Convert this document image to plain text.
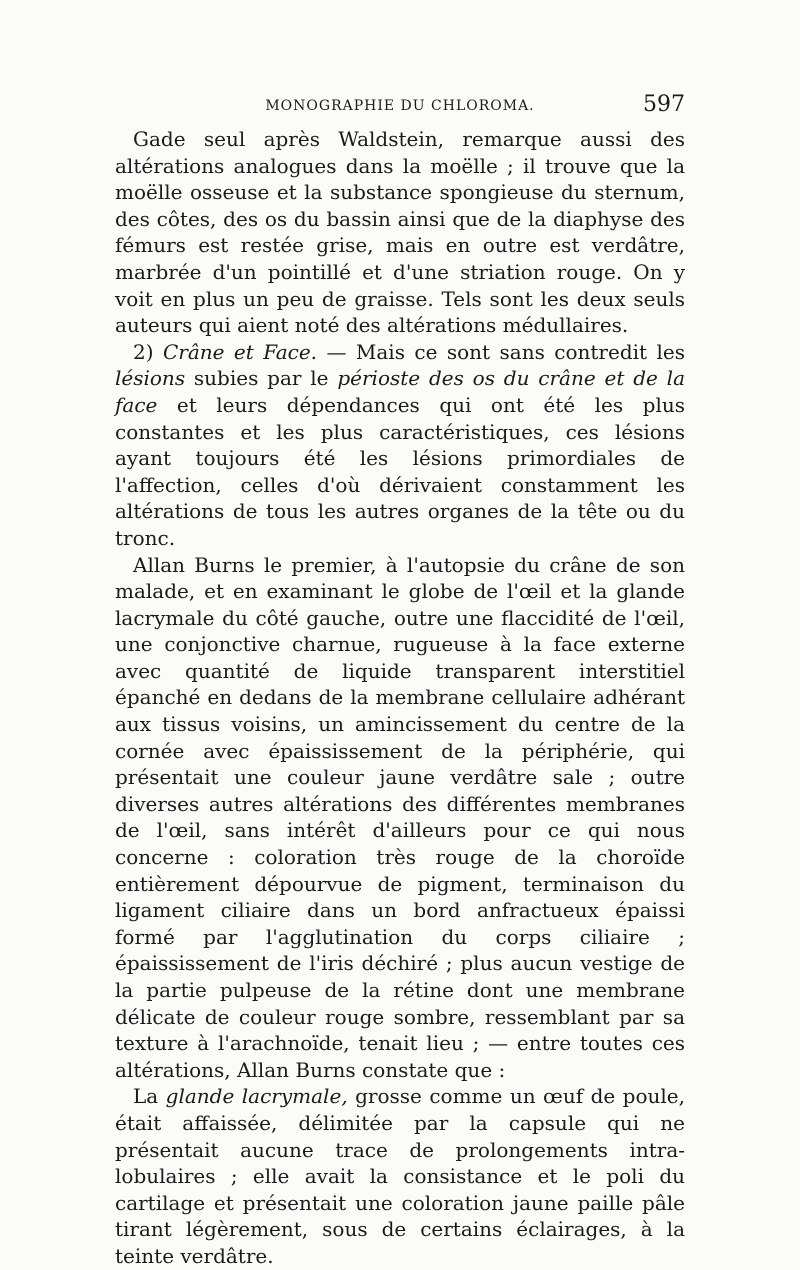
MONOGRAPHIE DU CHLOROMA.	597

Gade seul après Waldstein, remarque aussi des altérations analogues dans la moëlle ; il trouve que la moëlle osseuse et la substance spongieuse du sternum, des côtes, des os du bassin ainsi que de la diaphyse des fémurs est restée grise, mais en outre est verdâtre, marbrée d'un pointillé et d'une striation rouge. On y voit en plus un peu de graisse. Tels sont les deux seuls auteurs qui aient noté des altérations médullaires.

2) Crâne et Face. — Mais ce sont sans contredit les lésions subies par le périoste des os du crâne et de la face et leurs dépendances qui ont été les plus constantes et les plus caractéristiques, ces lésions ayant toujours été les lésions primordiales de l'affection, celles d'où dérivaient constamment les altérations de tous les autres organes de la tête ou du tronc.

Allan Burns le premier, à l'autopsie du crâne de son malade, et en examinant le globe de l'œil et la glande lacrymale du côté gauche, outre une flaccidité de l'œil, une conjonctive charnue, rugueuse à la face externe avec quantité de liquide transparent interstitiel épanché en dedans de la membrane cellulaire adhérant aux tissus voisins, un amincissement du centre de la cornée avec épaississement de la périphérie, qui présentait une couleur jaune verdâtre sale ; outre diverses autres altérations des différentes membranes de l'œil, sans intérêt d'ailleurs pour ce qui nous concerne : coloration très rouge de la choroïde entièrement dépourvue de pigment, terminaison du ligament ciliaire dans un bord anfractueux épaissi formé par l'agglutination du corps ciliaire ; épaississement de l'iris déchiré ; plus aucun vestige de la partie pulpeuse de la rétine dont une membrane délicate de couleur rouge sombre, ressemblant par sa texture à l'arachnoïde, tenait lieu ; — entre toutes ces altérations, Allan Burns constate que :

La glande lacrymale, grosse comme un œuf de poule, était affaissée, délimitée par la capsule qui ne présentait aucune trace de prolongements intra-lobulaires ; elle avait la consistance et le poli du cartilage et présentait une coloration jaune paille pâle tirant légèrement, sous de certains éclairages, à la teinte verdâtre.
